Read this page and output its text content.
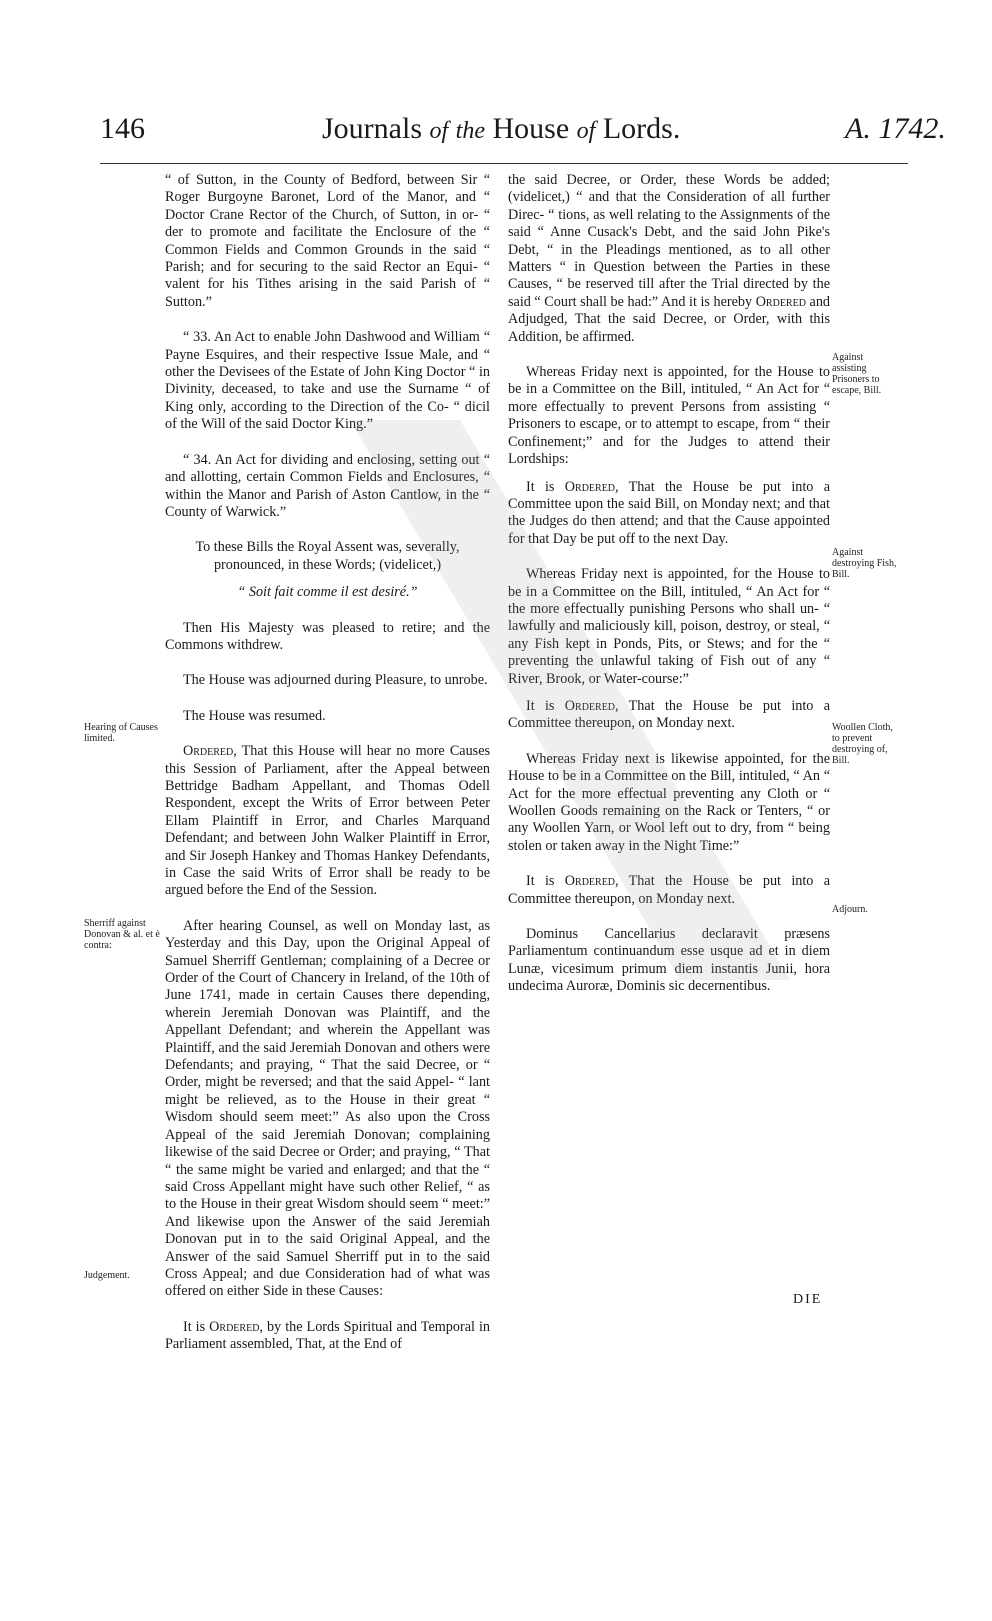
146	Journals of the House of Lords.	A. 1742.

“ of Sutton, in the County of Bedford, between Sir “ Roger Burgoyne Baronet, Lord of the Manor, and “ Doctor Crane Rector of the Church, of Sutton, in or- “ der to promote and facilitate the Enclosure of the “ Common Fields and Common Grounds in the said “ Parish; and for securing to the said Rector an Equi- “ valent for his Tithes arising in the said Parish of “ Sutton.”

“ 33. An Act to enable John Dashwood and William “ Payne Esquires, and their respective Issue Male, and “ other the Devisees of the Estate of John King Doctor “ in Divinity, deceased, to take and use the Surname “ of King only, according to the Direction of the Co- “ dicil of the Will of the said Doctor King.”

“ 34. An Act for dividing and enclosing, setting out “ and allotting, certain Common Fields and Enclosures, “ within the Manor and Parish of Aston Cantlow, in the “ County of Warwick.”

To these Bills the Royal Assent was, severally, pronounced, in these Words; (videlicet,)

“ Soit fait comme il est desiré.”

Then His Majesty was pleased to retire; and the Commons withdrew.

The House was adjourned during Pleasure, to unrobe.

The House was resumed.

Ordered, That this House will hear no more Causes this Session of Parliament, after the Appeal between Bettridge Badham Appellant, and Thomas Odell Respondent, except the Writs of Error between Peter Ellam Plaintiff in Error, and Charles Marquand Defendant; and between John Walker Plaintiff in Error, and Sir Joseph Hankey and Thomas Hankey Defendants, in Case the said Writs of Error shall be ready to be argued before the End of the Session.

After hearing Counsel, as well on Monday last, as Yesterday and this Day, upon the Original Appeal of Samuel Sherriff Gentleman; complaining of a Decree or Order of the Court of Chancery in Ireland, of the 10th of June 1741, made in certain Causes there depending, wherein Jeremiah Donovan was Plaintiff, and the Appellant Defendant; and wherein the Appellant was Plaintiff, and the said Jeremiah Donovan and others were Defendants; and praying, “ That the said Decree, or “ Order, might be reversed; and that the said Appel- “ lant might be relieved, as to the House in their great “ Wisdom should seem meet:” As also upon the Cross Appeal of the said Jeremiah Donovan; complaining likewise of the said Decree or Order; and praying, “ That “ the same might be varied and enlarged; and that the “ said Cross Appellant might have such other Relief, “ as to the House in their great Wisdom should seem “ meet:” And likewise upon the Answer of the said Jeremiah Donovan put in to the said Original Appeal, and the Answer of the said Samuel Sherriff put in to the said Cross Appeal; and due Consideration had of what was offered on either Side in these Causes:

It is Ordered, by the Lords Spiritual and Temporal in Parliament assembled, That, at the End of

the said Decree, or Order, these Words be added; (videlicet,) “ and that the Consideration of all further Direc- “ tions, as well relating to the Assignments of the said “ Anne Cusack's Debt, and the said John Pike's Debt, “ in the Pleadings mentioned, as to all other Matters “ in Question between the Parties in these Causes, “ be reserved till after the Trial directed by the said “ Court shall be had:” And it is hereby Ordered and Adjudged, That the said Decree, or Order, with this Addition, be affirmed.

Whereas Friday next is appointed, for the House to be in a Committee on the Bill, intituled, “ An Act for “ more effectually to prevent Persons from assisting “ Prisoners to escape, or to attempt to escape, from “ their Confinement;” and for the Judges to attend their Lordships:

It is Ordered, That the House be put into a Committee upon the said Bill, on Monday next; and that the Judges do then attend; and that the Cause appointed for that Day be put off to the next Day.

Whereas Friday next is appointed, for the House to be in a Committee on the Bill, intituled, “ An Act for “ the more effectually punishing Persons who shall un- “ lawfully and maliciously kill, poison, destroy, or steal, “ any Fish kept in Ponds, Pits, or Stews; and for the “ preventing the unlawful taking of Fish out of any “ River, Brook, or Water-course:”

It is Ordered, That the House be put into a Committee thereupon, on Monday next.

Whereas Friday next is likewise appointed, for the House to be in a Committee on the Bill, intituled, “ An “ Act for the more effectual preventing any Cloth or “ Woollen Goods remaining on the Rack or Tenters, “ or any Woollen Yarn, or Wool left out to dry, from “ being stolen or taken away in the Night Time:”

It is Ordered, That the House be put into a Committee thereupon, on Monday next.

Dominus Cancellarius declaravit præsens Parliamentum continuandum esse usque ad et in diem Lunæ, vicesimum primum diem instantis Junii, hora undecima Auroræ, Dominis sic decernentibus.

Hearing of Causes limited.
Sherriff against Donovan & al. et è contra:
Judgement.
Against assisting Prisoners to escape, Bill.
Against destroying Fish, Bill.
Woollen Cloth, to prevent destroying of, Bill.
Adjourn.
DIE
